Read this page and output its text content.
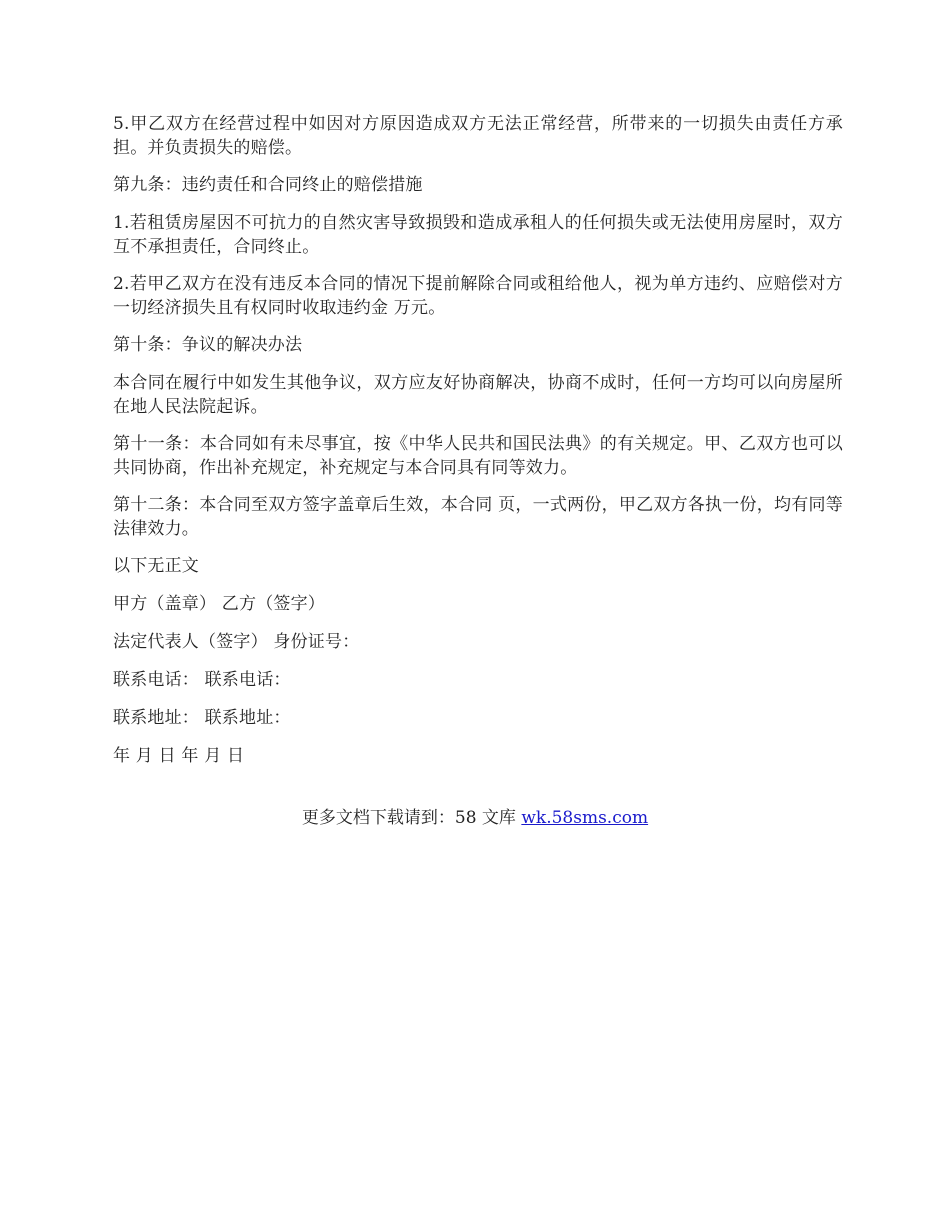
5.甲乙双方在经营过程中如因对方原因造成双方无法正常经营，所带来的一切损失由责任方承担。并负责损失的赔偿。

第九条：违约责任和合同终止的赔偿措施

1.若租赁房屋因不可抗力的自然灾害导致损毁和造成承租人的任何损失或无法使用房屋时，双方互不承担责任，合同终止。

2.若甲乙双方在没有违反本合同的情况下提前解除合同或租给他人，视为单方违约、应赔偿对方一切经济损失且有权同时收取违约金 万元。

第十条：争议的解决办法

本合同在履行中如发生其他争议，双方应友好协商解决，协商不成时，任何一方均可以向房屋所在地人民法院起诉。

第十一条：本合同如有未尽事宜，按《中华人民共和国民法典》的有关规定。甲、乙双方也可以共同协商，作出补充规定，补充规定与本合同具有同等效力。

第十二条：本合同至双方签字盖章后生效，本合同 页，一式两份，甲乙双方各执一份，均有同等法律效力。

以下无正文

甲方（盖章） 乙方（签字）

法定代表人（签字） 身份证号：

联系电话： 联系电话：

联系地址： 联系地址：

年 月 日 年 月 日

更多文档下载请到：58 文库 wk.58sms.com
